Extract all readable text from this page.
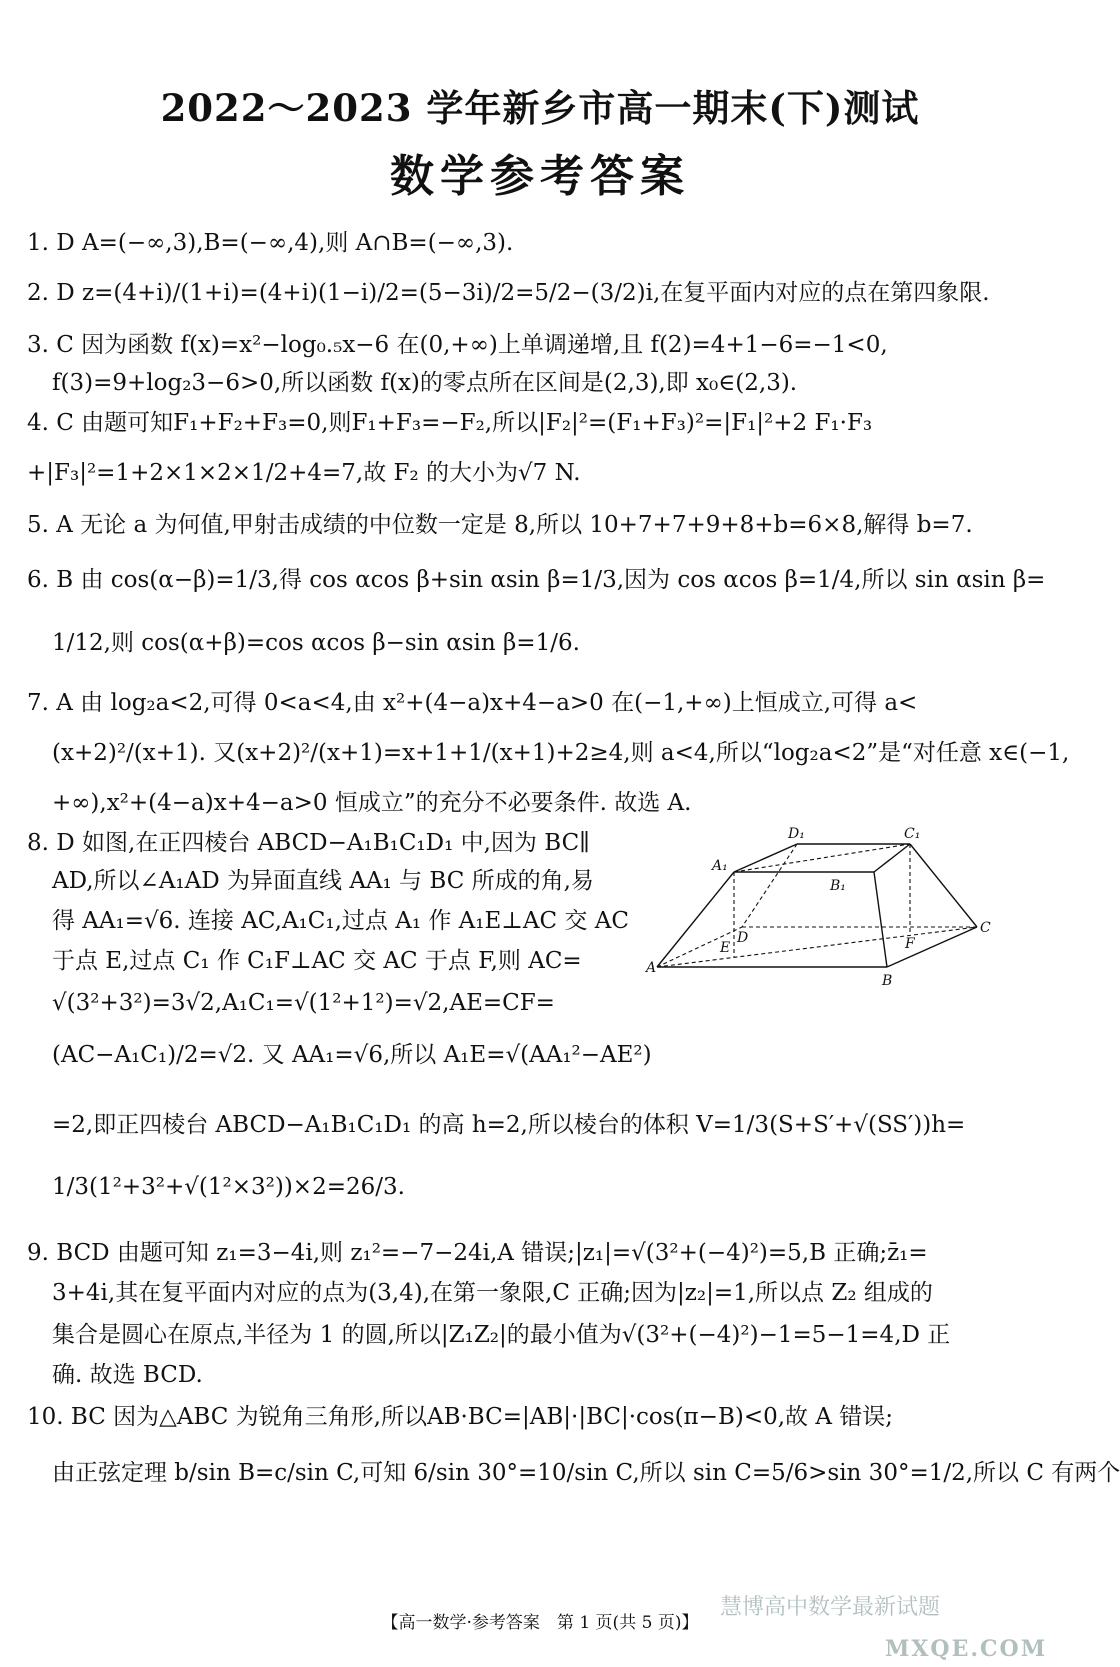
2022～2023 学年新乡市高一期末(下)测试
数学参考答案
1. D A=(−∞,3),B=(−∞,4),则 A∩B=(−∞,3).
2. D z=(4+i)/(1+i)=(4+i)(1−i)/2=(5−3i)/2=5/2−(3/2)i,在复平面内对应的点在第四象限.
3. C 因为函数 f(x)=x²−log₀.₅x−6 在(0,+∞)上单调递增,且 f(2)=4+1−6=−1<0,
f(3)=9+log₂3−6>0,所以函数 f(x)的零点所在区间是(2,3),即 x₀∈(2,3).
4. C 由题可知F₁+F₂+F₃=0,则F₁+F₃=−F₂,所以|F₂|²=(F₁+F₃)²=|F₁|²+2 F₁·F₃
+|F₃|²=1+2×1×2×1/2+4=7,故 F₂ 的大小为√7 N.
5. A 无论 a 为何值,甲射击成绩的中位数一定是 8,所以 10+7+7+9+8+b=6×8,解得 b=7.
6. B 由 cos(α−β)=1/3,得 cos αcos β+sin αsin β=1/3,因为 cos αcos β=1/4,所以 sin αsin β=
1/12,则 cos(α+β)=cos αcos β−sin αsin β=1/6.
7. A 由 log₂a<2,可得 0<a<4,由 x²+(4−a)x+4−a>0 在(−1,+∞)上恒成立,可得 a<
(x+2)²/(x+1). 又(x+2)²/(x+1)=x+1+1/(x+1)+2≥4,则 a<4,所以“log₂a<2”是“对任意 x∈(−1,
+∞),x²+(4−a)x+4−a>0 恒成立”的充分不必要条件. 故选 A.
8. D 如图,在正四棱台 ABCD−A₁B₁C₁D₁ 中,因为 BC∥
AD,所以∠A₁AD 为异面直线 AA₁ 与 BC 所成的角,易
得 AA₁=√6. 连接 AC,A₁C₁,过点 A₁ 作 A₁E⊥AC 交 AC
于点 E,过点 C₁ 作 C₁F⊥AC 交 AC 于点 F,则 AC=
√(3²+3²)=3√2,A₁C₁=√(1²+1²)=√2,AE=CF=
(AC−A₁C₁)/2=√2. 又 AA₁=√6,所以 A₁E=√(AA₁²−AE²)
=2,即正四棱台 ABCD−A₁B₁C₁D₁ 的高 h=2,所以棱台的体积 V=1/3(S+S′+√(SS′))h=
1/3(1²+3²+√(1²×3²))×2=26/3.
9. BCD 由题可知 z₁=3−4i,则 z₁²=−7−24i,A 错误;|z₁|=√(3²+(−4)²)=5,B 正确;z̄₁=
3+4i,其在复平面内对应的点为(3,4),在第一象限,C 正确;因为|z₂|=1,所以点 Z₂ 组成的
集合是圆心在原点,半径为 1 的圆,所以|Z₁Z₂|的最小值为√(3²+(−4)²)−1=5−1=4,D 正
确. 故选 BCD.
10. BC 因为△ABC 为锐角三角形,所以AB·BC=|AB|·|BC|·cos(π−B)<0,故 A 错误;
由正弦定理 b/sin B=c/sin C,可知 6/sin 30°=10/sin C,所以 sin C=5/6>sin 30°=1/2,所以 C 有两个
D₁	C₁
A₁
B₁
D
E	F
C
A
B
【高一数学·参考答案　第 1 页(共 5 页)】
慧博高中数学最新试题
MXQE.COM
